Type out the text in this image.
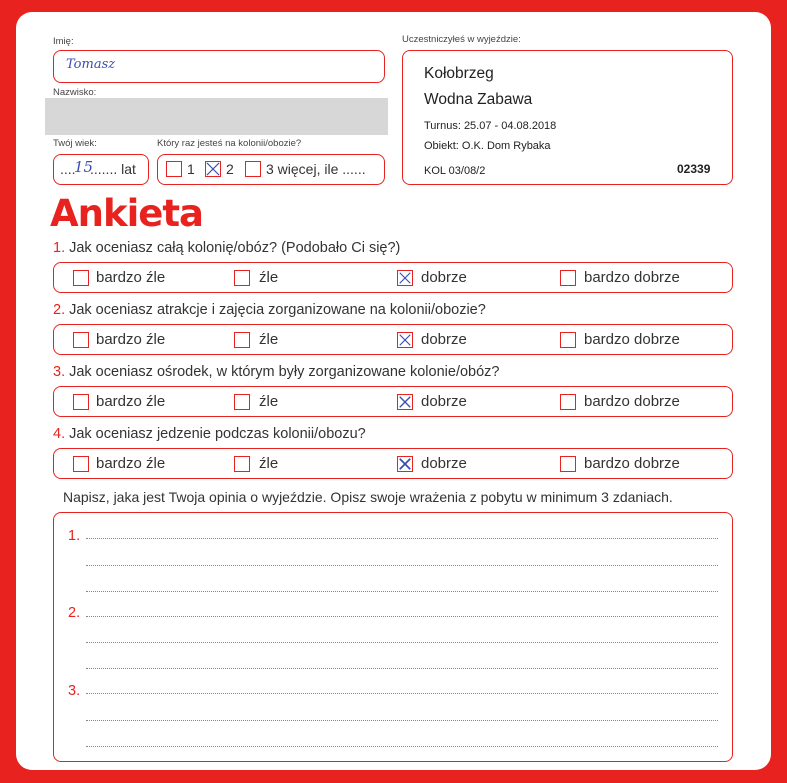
Imię:
Tomasz
Nazwisko:
Twój wiek:
....
15
....... lat
Który raz jesteś na kolonii/obozie?
1 2 3 więcej, ile ......
Uczestniczyłeś w wyjeździe:
Kołobrzeg
Wodna Zabawa
Turnus: 25.07 - 04.08.2018
Obiekt: O.K. Dom Rybaka
KOL 03/08/2	02339
Ankieta
1. Jak oceniasz całą kolonię/obóz? (Podobało Ci się?)
bardzo źle	źle	dobrze	bardzo dobrze
2. Jak oceniasz atrakcje i zajęcia zorganizowane na kolonii/obozie?
bardzo źle	źle	dobrze	bardzo dobrze
3. Jak oceniasz ośrodek, w którym były zorganizowane kolonie/obóz?
bardzo źle	źle	dobrze	bardzo dobrze
4. Jak oceniasz jedzenie podczas kolonii/obozu?
bardzo źle	źle	dobrze	bardzo dobrze
Napisz, jaka jest Twoja opinia o wyjeździe. Opisz swoje wrażenia z pobytu w minimum 3 zdaniach.
1.
2.
3.
